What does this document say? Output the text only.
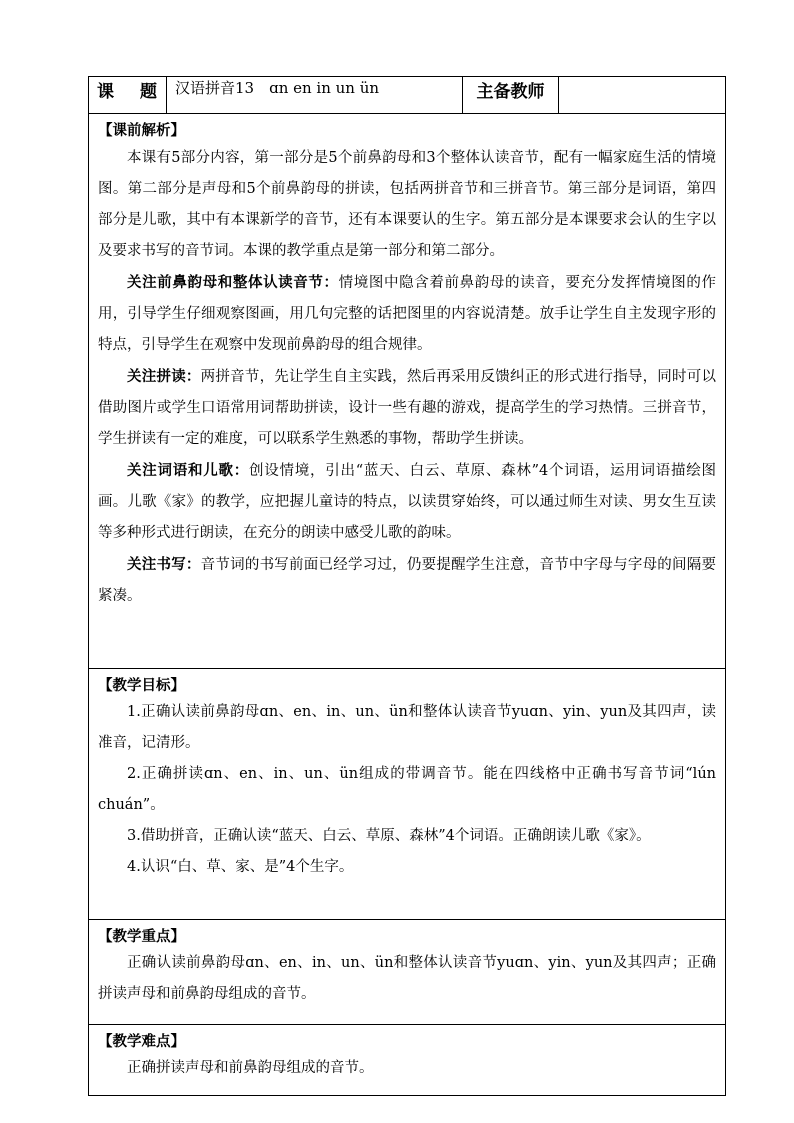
课 题	汉语拼音13　ɑn en in un ün	主备教师	

【课前解析】

本课有5部分内容，第一部分是5个前鼻韵母和3个整体认读音节，配有一幅家庭生活的情境图。第二部分是声母和5个前鼻韵母的拼读，包括两拼音节和三拼音节。第三部分是词语，第四部分是儿歌，其中有本课新学的音节，还有本课要认的生字。第五部分是本课要求会认的生字以及要求书写的音节词。本课的教学重点是第一部分和第二部分。

关注前鼻韵母和整体认读音节：情境图中隐含着前鼻韵母的读音，要充分发挥情境图的作用，引导学生仔细观察图画，用几句完整的话把图里的内容说清楚。放手让学生自主发现字形的特点，引导学生在观察中发现前鼻韵母的组合规律。

关注拼读：两拼音节，先让学生自主实践，然后再采用反馈纠正的形式进行指导，同时可以借助图片或学生口语常用词帮助拼读，设计一些有趣的游戏，提高学生的学习热情。三拼音节，学生拼读有一定的难度，可以联系学生熟悉的事物，帮助学生拼读。

关注词语和儿歌：创设情境，引出“蓝天、白云、草原、森林”4个词语，运用词语描绘图画。儿歌《家》的教学，应把握儿童诗的特点，以读贯穿始终，可以通过师生对读、男女生互读等多种形式进行朗读，在充分的朗读中感受儿歌的韵味。

关注书写：音节词的书写前面已经学习过，仍要提醒学生注意，音节中字母与字母的间隔要紧凑。

【教学目标】

1.正确认读前鼻韵母ɑn、en、in、un、ün和整体认读音节yuɑn、yin、yun及其四声，读准音，记清形。

2.正确拼读ɑn、en、in、un、ün组成的带调音节。能在四线格中正确书写音节词“lún chuán”。

3.借助拼音，正确认读“蓝天、白云、草原、森林”4个词语。正确朗读儿歌《家》。

4.认识“白、草、家、是”4个生字。

【教学重点】

正确认读前鼻韵母ɑn、en、in、un、ün和整体认读音节yuɑn、yin、yun及其四声；正确拼读声母和前鼻韵母组成的音节。

【教学难点】

正确拼读声母和前鼻韵母组成的音节。
